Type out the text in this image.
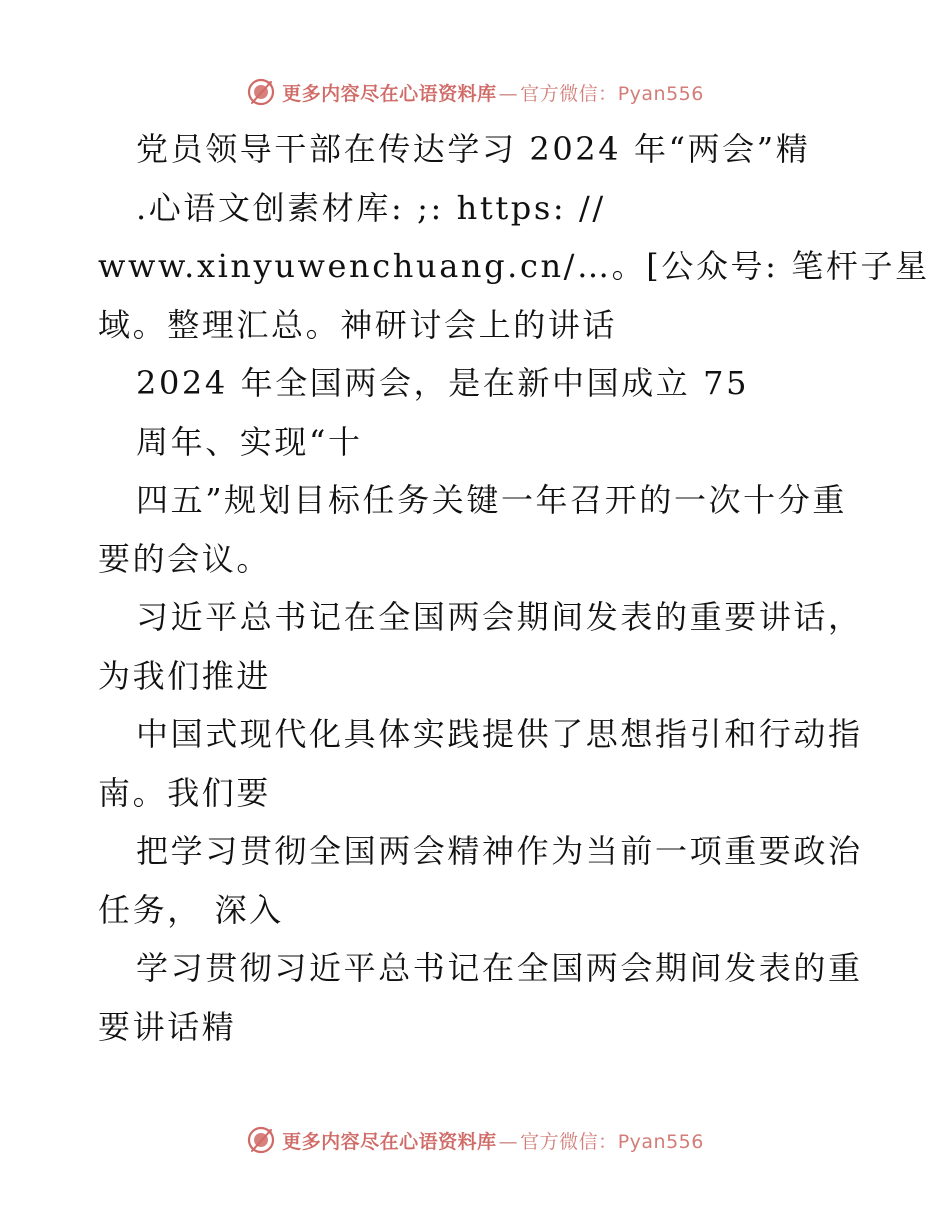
更多内容尽在心语资料库 — 官方微信：Pyan556
党员领导干部在传达学习 2024 年“两会”精
.心语文创素材库: ;: https: //
www.xinyuwenchuang.cn/…。[公众号: 笔杆子星
域。整理汇总。神研讨会上的讲话
2024 年全国两会，是在新中国成立 75
周年、实现“十
四五”规划目标任务关键一年召开的一次十分重
要的会议。
习近平总书记在全国两会期间发表的重要讲话，
为我们推进
中国式现代化具体实践提供了思想指引和行动指
南。我们要
把学习贯彻全国两会精神作为当前一项重要政治
任务， 深入
学习贯彻习近平总书记在全国两会期间发表的重
要讲话精
更多内容尽在心语资料库 — 官方微信：Pyan556
